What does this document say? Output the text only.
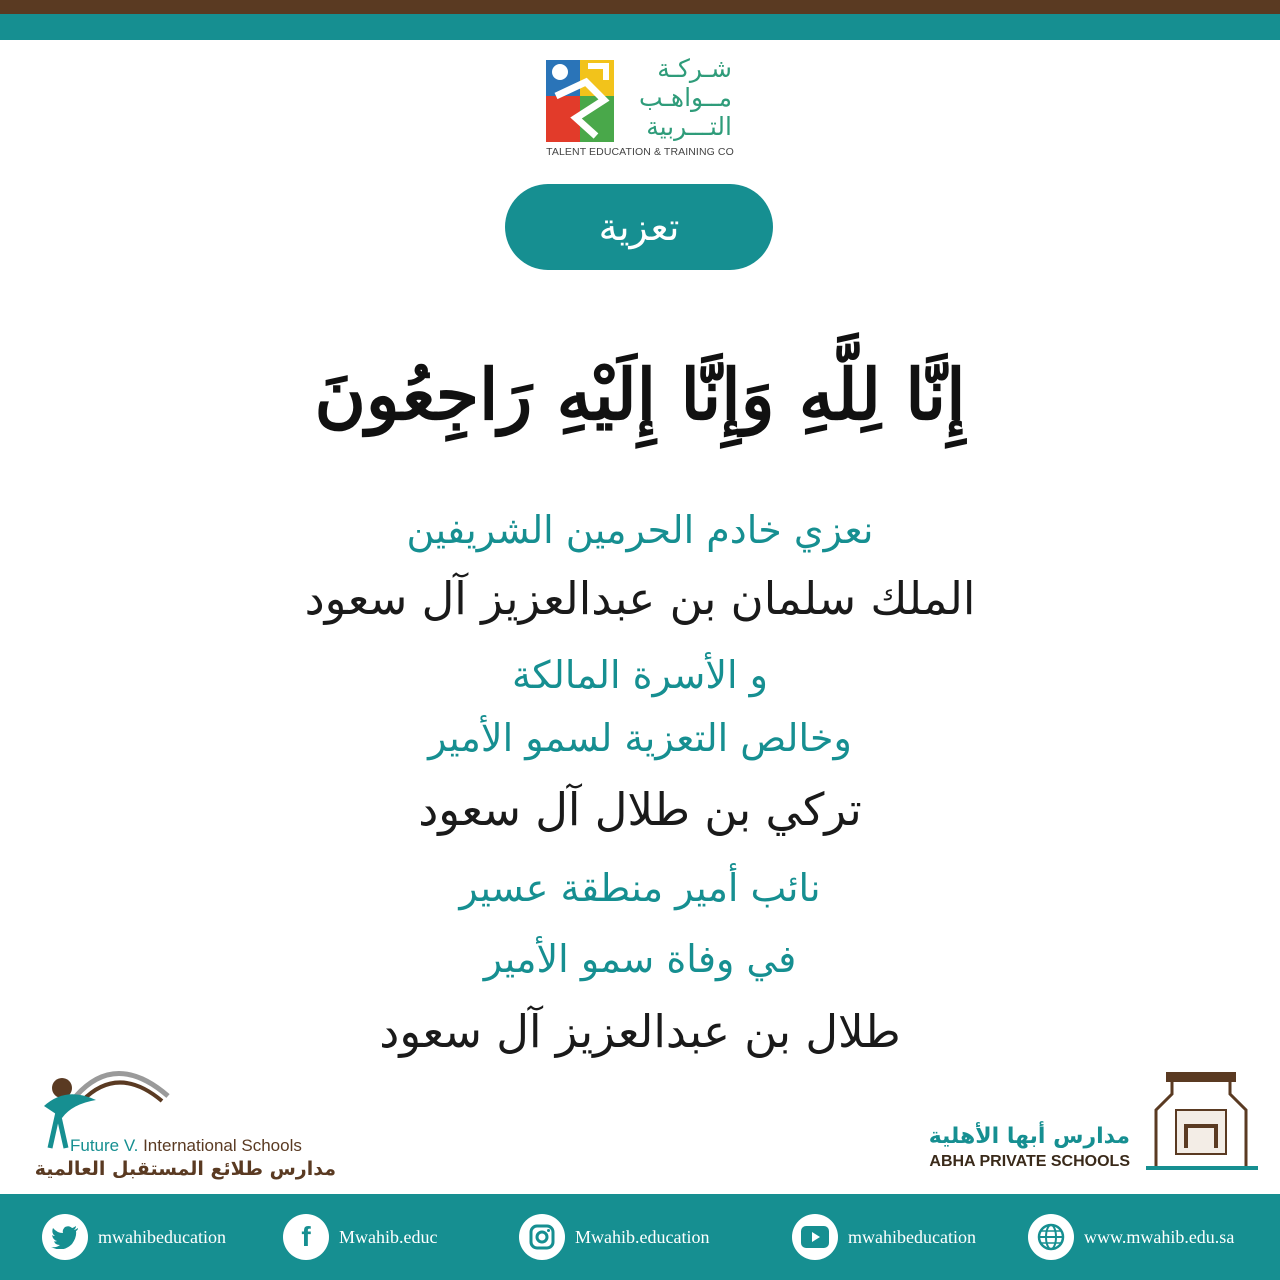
شـركـة
مــواهـب
التـــربية
TALENT EDUCATION & TRAINING CO
تعزية
إِنَّا لِلَّهِ وَإِنَّا إِلَيْهِ رَاجِعُونَ
نعزي خادم الحرمين الشريفين
الملك سلمان بن عبدالعزيز آل سعود
و الأسرة المالكة
وخالص التعزية لسمو الأمير
تركي بن طلال آل سعود
نائب أمير منطقة عسير
في وفاة سمو الأمير
طلال بن عبدالعزيز آل سعود
Future V. International Schools
مدارس طلائع المستقبل العالمية
مدارس أبها الأهلية
ABHA PRIVATE SCHOOLS
mwahibeducation	f Mwahib.educ	Mwahib.education	mwahibeducation	www.mwahib.edu.sa
